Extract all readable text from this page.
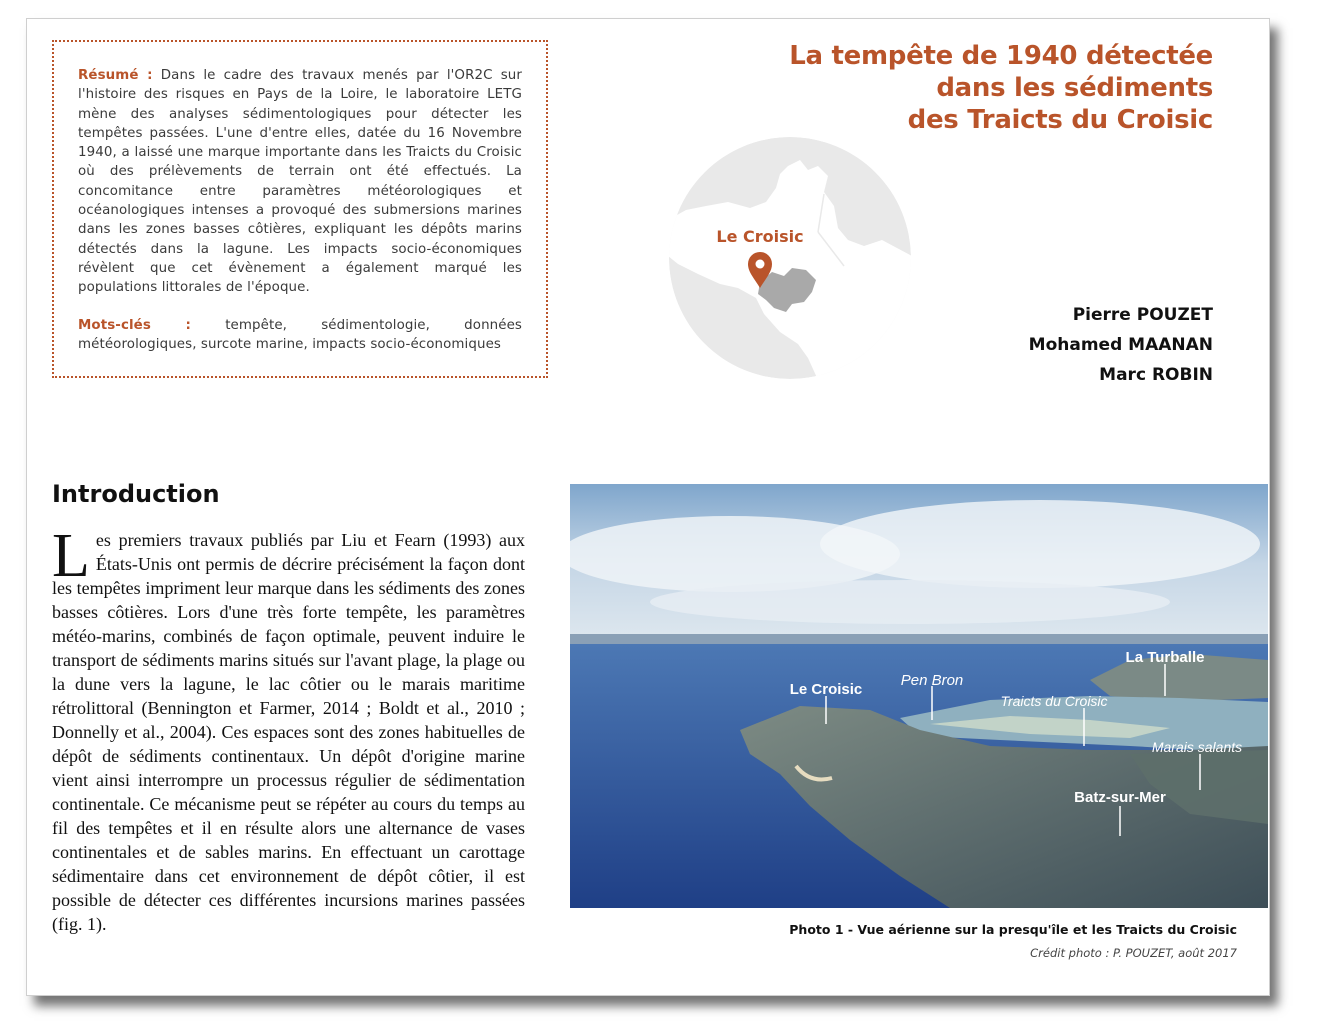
Résumé : Dans le cadre des travaux menés par l'OR2C sur l'histoire des risques en Pays de la Loire, le laboratoire LETG mène des analyses sédimentologiques pour détecter les tempêtes passées. L'une d'entre elles, datée du 16 Novembre 1940, a laissé une marque importante dans les Traicts du Croisic où des prélèvements de terrain ont été effectués. La concomitance entre paramètres météorologiques et océanologiques intenses a provoqué des submersions marines dans les zones basses côtières, expliquant les dépôts marins détectés dans la lagune. Les impacts socio-économiques révèlent que cet évènement a également marqué les populations littorales de l'époque.

Mots-clés :	tempête, sédimentologie, données météorologiques, surcote marine, impacts socio-économiques

La tempête de 1940 détectée
dans les sédiments
des Traicts du Croisic
Le Croisic
Pierre POUZET
Mohamed MAANAN
Marc ROBIN
Introduction

Les premiers travaux publiés par Liu et Fearn (1993) aux États-Unis ont permis de décrire précisément la façon dont les tempêtes impriment leur marque dans les sédiments des zones basses côtières. Lors d'une très forte tempête, les paramètres météo-marins, combinés de façon optimale, peuvent induire le transport de sédiments marins situés sur l'avant plage, la plage ou la dune vers la lagune, le lac côtier ou le marais maritime rétrolittoral (Bennington et Farmer, 2014 ; Boldt et al., 2010 ; Donnelly et al., 2004). Ces espaces sont des zones habituelles de dépôt de sédiments continentaux. Un dépôt d'origine marine vient ainsi interrompre un processus régulier de sédimentation continentale. Ce mécanisme peut se répéter au cours du temps au fil des tempêtes et il en résulte alors une alternance de vases continentales et de sables marins. En effectuant un carottage sédimentaire dans cet environnement de dépôt côtier, il est possible de détecter ces différentes incursions marines passées (fig. 1).

Le Croisic
Pen Bron
Traicts du Croisic
La Turballe
Marais salants
Batz-sur-Mer
Photo 1 - Vue aérienne sur la presqu'île et les Traicts du Croisic
Crédit photo : P. POUZET, août 2017
